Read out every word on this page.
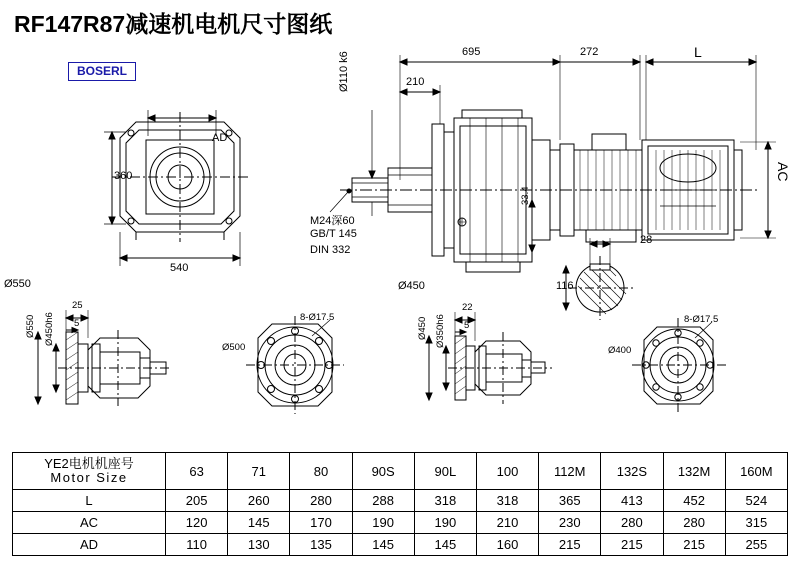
RF147R87减速机电机尺寸图纸
BOSERL
695
210
272	L
Ø110 k6
AC
33.4
M24深60
GB/T 145
DIN 332
AD
360
540
28
116
Ø550	Ø450
25
5
Ø550 Ø450h6
Ø500
8-Ø17.5
22
5
Ø450 Ø350h6
Ø400
8-Ø17.5
YE2电机机座号
Motor Size	63	71	80	90S	90L	100	112M	132S	132M	160M
L	205	260	280	288	318	318	365	413	452	524
AC	120	145	170	190	190	210	230	280	280	315
AD	110	130	135	145	145	160	215	215	215	255
